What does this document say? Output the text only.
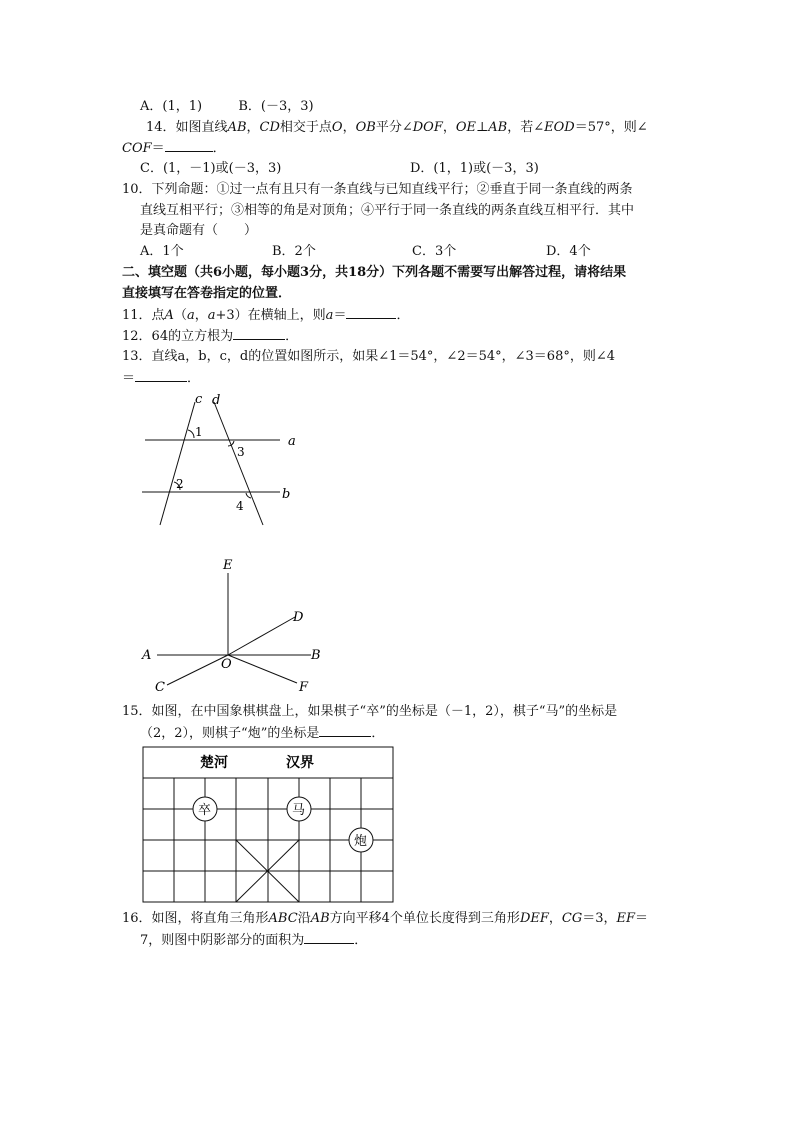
A．(1，1)	B．(－3，3)
14．如图直线AB，CD相交于点O，OB平分∠DOF，OE⊥AB，若∠EOD＝57°，则∠
COF＝	．
C．(1，－1)或(－3，3)	D．(1，1)或(－3，3)
10．下列命题：①过一点有且只有一条直线与已知直线平行；②垂直于同一条直线的两条
直线互相平行；③相等的角是对顶角；④平行于同一条直线的两条直线互相平行．其中
是真命题有（　　）
A．1个	B．2个	C．3个	D．4个
二、填空题（共6小题，每小题3分，共18分）下列各题不需要写出解答过程，请将结果
直接填写在答卷指定的位置．
11．点A（a，a+3）在横轴上，则a＝	．
12．64的立方根为	．
13．直线a，b，c，d的位置如图所示，如果∠1＝54°，∠2＝54°，∠3＝68°，则∠4
＝	．
c d
a
b
1
2
3
4
E
D
A
O
B
C	F
15．如图，在中国象棋棋盘上，如果棋子“卒”的坐标是（－1，2），棋子“马”的坐标是
（2，2），则棋子“炮”的坐标是	．
楚河	汉界
卒	马
炮
16．如图，将直角三角形ABC沿AB方向平移4个单位长度得到三角形DEF，CG＝3，EF＝
7，则图中阴影部分的面积为	．
